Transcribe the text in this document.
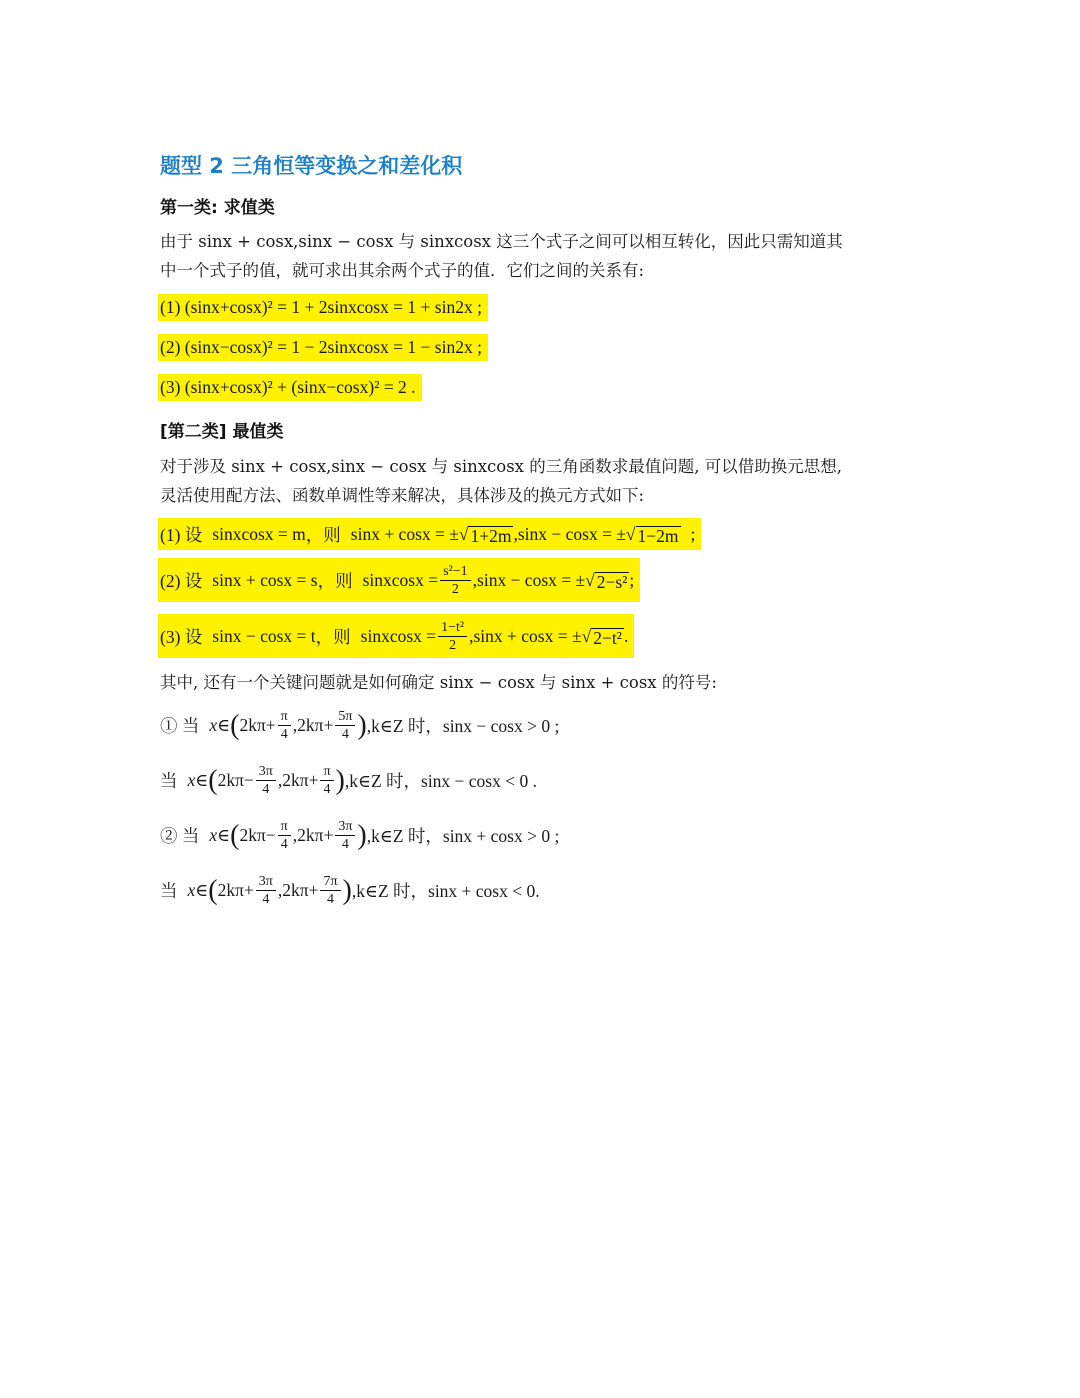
题型 2 三角恒等变换之和差化积
第一类: 求值类
由于 sinx + cosx,sinx − cosx 与 sinxcosx 这三个式子之间可以相互转化，因此只需知道其
中一个式子的值，就可求出其余两个式子的值．它们之间的关系有:
(1) (sinx+cosx)² = 1 + 2sinxcosx = 1 + sin2x ;
(2) (sinx−cosx)² = 1 − 2sinxcosx = 1 − sin2x ;
(3) (sinx+cosx)² + (sinx−cosx)² = 2 .
[第二类] 最值类
对于涉及 sinx + cosx,sinx − cosx 与 sinxcosx 的三角函数求最值问题, 可以借助换元思想,
灵活使用配方法、函数单调性等来解决，具体涉及的换元方式如下:
(1) 设 sinxcosx = m ，则 sinx + cosx = ± √ 1+2m ,sinx − cosx = ± √ 1−2m ;
(2) 设 sinx + cosx = s ，则 sinxcosx = $\frac{\text{s²−1}}{2} ,\sin x - \cos x$ = ± √ 2−s² ;
(3) 设 sinx − cosx = t ，则 sinxcosx = $\frac{\text{1−t²}}{2} ,\sin x + \cos x$ = ± √ 2−t² .
其中, 还有一个关键问题就是如何确定 sinx − cosx 与 sinx + cosx 的符号:
① 当 x∈ ( $2k\pi+ \frac{\pi}{4} ,2k\pi+ \frac{5\pi}{4}$ ) ,k∈Z 时，sinx − cosx > 0 ;
当 x∈ ( $2k\pi- \frac{3\pi}{4} ,2k\pi+ \frac{\pi}{4}$ ) ,k∈Z 时，sinx − cosx < 0 .
② 当 x∈ ( $2k\pi- \frac{\pi}{4} ,2k\pi+ \frac{3\pi}{4}$ ) ,k∈Z 时，sinx + cosx > 0 ;
当 x∈ ( $2k\pi+ \frac{3\pi}{4} ,2k\pi+ \frac{7\pi}{4}$ ) ,k∈Z 时，sinx + cosx < 0.
